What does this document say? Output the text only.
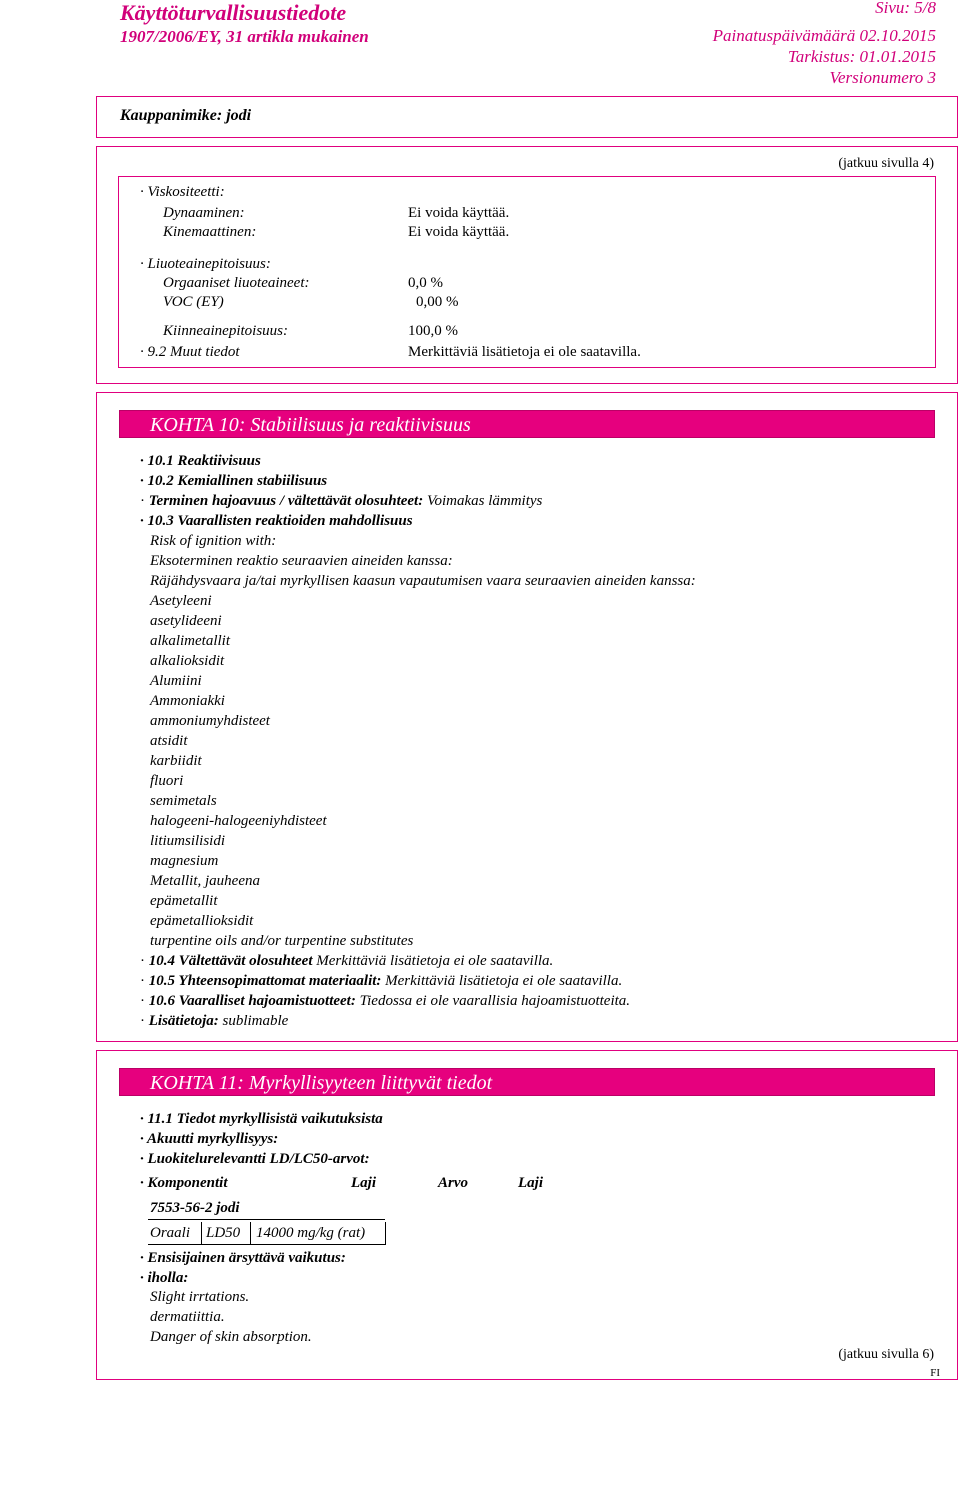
Käyttöturvallisuustiedote	Sivu: 5/8
1907/2006/EY, 31 artikla mukainen	Painatuspäivämäärä 02.10.2015
Tarkistus: 01.01.2015
Versionumero 3
Kauppanimike: jodi
(jatkuu sivulla 4)
· Viskositeetti:
Dynaaminen:	Ei voida käyttää.
Kinemaattinen:	Ei voida käyttää.
· Liuoteainepitoisuus:
Orgaaniset liuoteaineet:	0,0 %
VOC (EY)	0,00 %
Kiinneainepitoisuus:	100,0 %
· 9.2 Muut tiedot	Merkittäviä lisätietoja ei ole saatavilla.
KOHTA 10: Stabiilisuus ja reaktiivisuus
· 10.1 Reaktiivisuus
· 10.2 Kemiallinen stabiilisuus
· Terminen hajoavuus / vältettävät olosuhteet: Voimakas lämmitys
· 10.3 Vaarallisten reaktioiden mahdollisuus
Risk of ignition with:
Eksoterminen reaktio seuraavien aineiden kanssa:
Räjähdysvaara ja/tai myrkyllisen kaasun vapautumisen vaara seuraavien aineiden kanssa:
Asetyleeni
asetylideeni
alkalimetallit
alkalioksidit
Alumiini
Ammoniakki
ammoniumyhdisteet
atsidit
karbiidit
fluori
semimetals
halogeeni-halogeeniyhdisteet
litiumsilisidi
magnesium
Metallit, jauheena
epämetallit
epämetallioksidit
turpentine oils and/or turpentine substitutes
· 10.4 Vältettävät olosuhteet Merkittäviä lisätietoja ei ole saatavilla.
· 10.5 Yhteensopimattomat materiaalit: Merkittäviä lisätietoja ei ole saatavilla.
· 10.6 Vaaralliset hajoamistuotteet: Tiedossa ei ole vaarallisia hajoamistuotteita.
· Lisätietoja: sublimable
KOHTA 11: Myrkyllisyyteen liittyvät tiedot
· 11.1 Tiedot myrkyllisistä vaikutuksista
· Akuutti myrkyllisyys:
· Luokitelurelevantti LD/LC50-arvot:
· Komponentit	Laji	Arvo	Laji
7553-56-2 jodi
Oraali LD50 14000 mg/kg (rat)
· Ensisijainen ärsyttävä vaikutus:
· iholla:
Slight irrtations.
dermatiittia.
Danger of skin absorption.
(jatkuu sivulla 6)
FI
